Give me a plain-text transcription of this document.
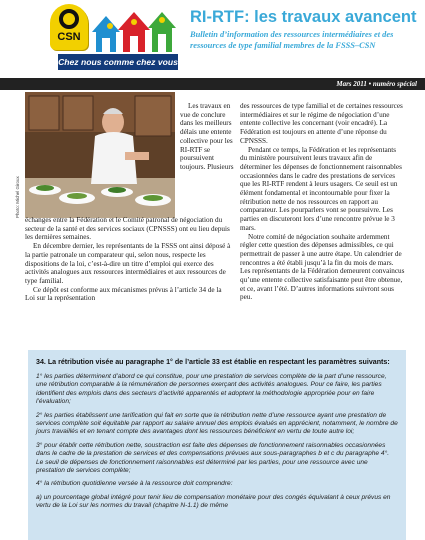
CSN
Chez nous comme chez vous
RI-RTF: les travaux avancent
Bulletin d’information des ressources intermédiaires et des ressources de type familial membres de la FSSS–CSN
Mars 2011 • numéro spécial
Photo: Michel Giroux

Les travaux en vue de conclure dans les meilleurs délais une entente collective pour les RI-RTF se poursuivent toujours. Plusieurs

échanges entre la Fédération et le Comité patronal de négociation du secteur de la santé et des services sociaux (CPNSSS) ont eu lieu depuis les dernières semaines.

En décembre dernier, les représentants de la FSSS ont ainsi déposé à la partie patronale un comparateur qui, selon nous, respecte les dispositions de la loi, c’est-à-dire un titre d’emploi qui exerce des activités analogues aux ressources intermédiaires et aux ressources de type familial.

Ce dépôt est conforme aux mécanismes prévus à l’article 34 de la Loi sur la représentation

des ressources de type familial et de certaines ressources intermédiaires et sur le régime de négociation d’une entente collective les concernant (voir encadré). La Fédération est toujours en attente d’une réponse du CPNSSS.

Pendant ce temps, la Fédération et les représentants du ministère poursuivent leurs travaux afin de déterminer les dépenses de fonctionnement raisonnables occasionnées dans le cadre des prestations de services que les RI-RTF rendent à leurs usagers. Ce seuil est un élément fondamental et incontournable pour fixer la rétribution nette de nos ressources en rapport au comparateur. Les pourparlers vont se poursuivre. Les parties en discuteront lors d’une rencontre prévue le 3 mars.

Notre comité de négociation souhaite ardemment régler cette question des dépenses admissibles, ce qui permettrait de passer à une autre étape. Un calendrier de rencontres a été établi jusqu’à la fin du mois de mars. Les représentants de la Fédération demeurent convaincus qu’une entente collective satisfaisante peut être obtenue, et ce, avant l’été. D’autres informations suivront sous peu.

34. La rétribution visée au paragraphe 1° de l’article 33 est établie en respectant les paramètres suivants:
1° les parties déterminent d’abord ce qui constitue, pour une prestation de services complète de la part d’une ressource, une rétribution comparable à la rémunération de personnes exerçant des activités analogues. Pour ce faire, les parties identifient des emplois dans des secteurs d’activité apparentés et adoptent la méthodologie appropriée pour en faire l’évaluation;
2° les parties établissent une tarification qui fait en sorte que la rétribution nette d’une ressource ayant une prestation de services complète soit équitable par rapport au salaire annuel des emplois évalués en apprécient, notamment, le nombre de jours travaillés et en tenant compte des avantages dont les ressources bénéficient en vertu de toute autre loi;
3° pour établir cette rétribution nette, soustraction est faite des dépenses de fonctionnement raisonnables occasionnées dans le cadre de la prestation de services et des compensations prévues aux sous-paragraphes b et c du paragraphe 4°. Le seuil de dépenses de fonctionnement raisonnables est déterminé par les parties, pour une ressource avec une prestation de services complète;
4° la rétribution quotidienne versée à la ressource doit comprendre:
a) un pourcentage global intégré pour tenir lieu de compensation monétaire pour des congés équivalant à ceux prévus en vertu de la Loi sur les normes du travail (chapitre N-1.1) de même
